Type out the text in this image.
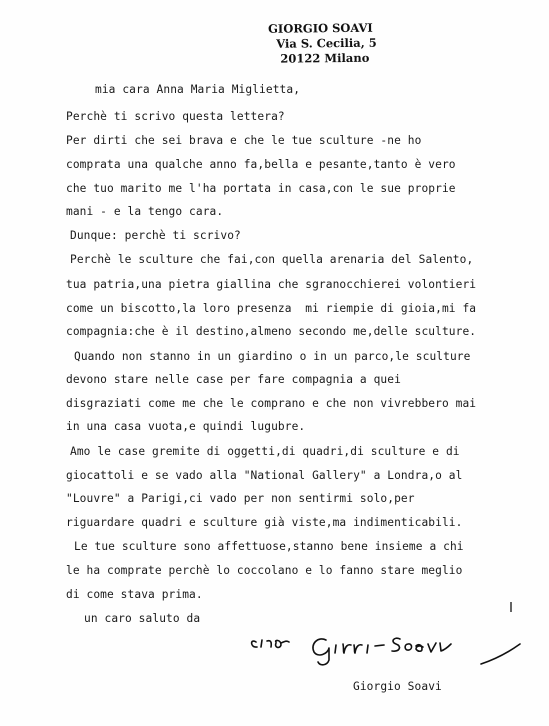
GIORGIO SOAVI
Via S. Cecilia, 5
20122 Milano
mia cara Anna Maria Miglietta,
Perchè ti scrivo questa lettera?
Per dirti che sei brava e che le tue sculture -ne ho
comprata una qualche anno fa,bella e pesante,tanto è vero
che tuo marito me l'ha portata in casa,con le sue proprie
mani - e la tengo cara.
Dunque: perchè ti scrivo?
Perchè le sculture che fai,con quella arenaria del Salento,
tua patria,una pietra giallina che sgranocchierei volontieri
come un biscotto,la loro presenza  mi riempie di gioia,mi fa
compagnia:che è il destino,almeno secondo me,delle sculture.
Quando non stanno in un giardino o in un parco,le sculture
devono stare nelle case per fare compagnia a quei
disgraziati come me che le comprano e che non vivrebbero mai
in una casa vuota,e quindi lugubre.
Amo le case gremite di oggetti,di quadri,di sculture e di
giocattoli e se vado alla "National Gallery" a Londra,o al
"Louvre" a Parigi,ci vado per non sentirmi solo,per
riguardare quadri e sculture già viste,ma indimenticabili.
Le tue sculture sono affettuose,stanno bene insieme a chi
le ha comprate perchè lo coccolano e lo fanno stare meglio
di come stava prima.
un caro saluto da
Giorgio Soavi
